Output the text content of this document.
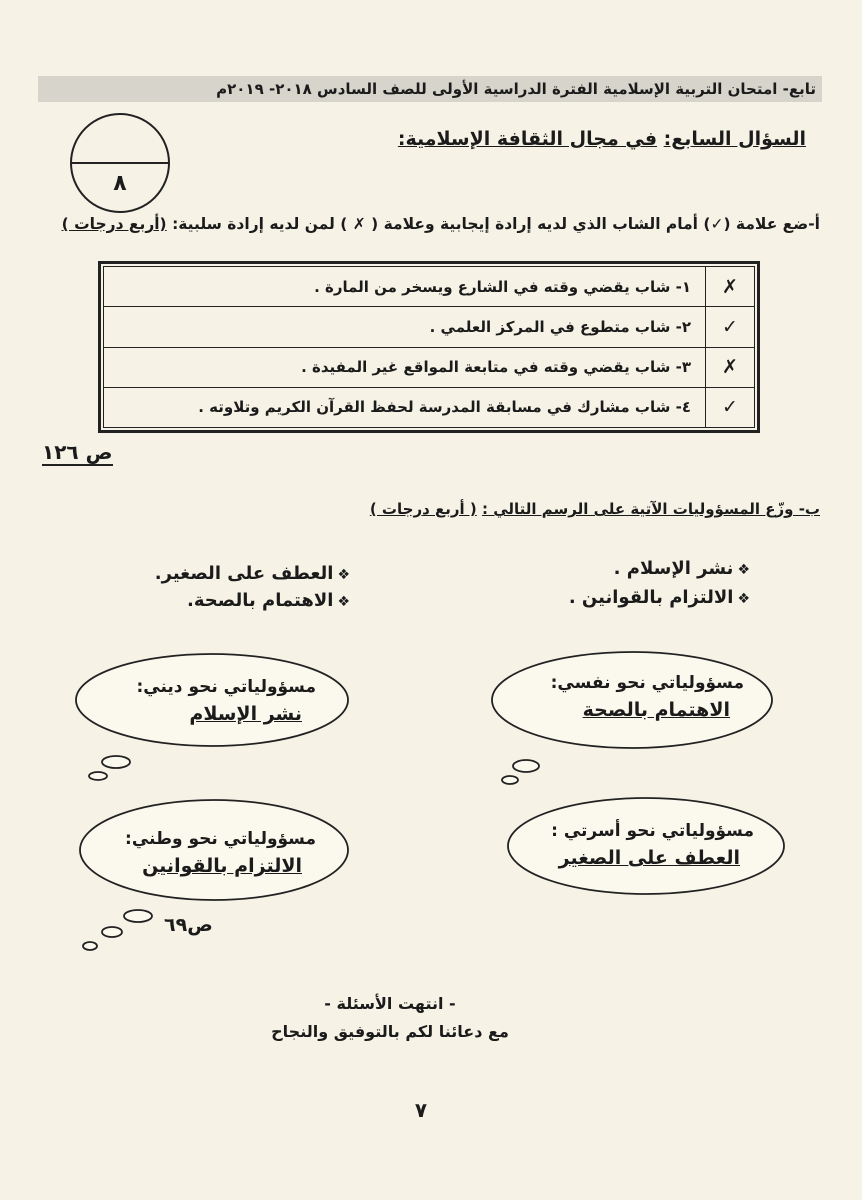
تابع- امتحان التربية الإسلامية الفترة الدراسية الأولى للصف السادس ٢٠١٨- ٢٠١٩م
٨
السؤال السابع: في مجال الثقافة الإسلامية:
أ-ضع علامة (✓) أمام الشاب الذي لديه إرادة إيجابية وعلامة ( ✗ ) لمن لديه إرادة سلبية: (أربع درجات )
١- شاب يقضي وقته في الشارع ويسخر من المارة .	✗
٢- شاب متطوع في المركز العلمي .	✓
٣- شاب يقضي وقته في متابعة المواقع غير المفيدة .	✗
٤- شاب مشارك في مسابقة المدرسة لحفظ القرآن الكريم وتلاوته .	✓
ص ١٢٦
ب- وزّع المسؤوليات الآتية على الرسم التالي : ( أربع درجات )
❖نشر الإسلام .
❖الالتزام بالقوانين .
❖العطف على الصغير.
❖الاهتمام بالصحة.
مسؤولياتي نحو نفسي:
الاهتمام بالصحة
مسؤولياتي نحو ديني:
نشر الإسلام
مسؤولياتي نحو أسرتي :
العطف على الصغير
مسؤولياتي نحو وطني:
الالتزام بالقوانين
ص٦٩
- انتهت الأسئلة -
مع دعائنا لكم بالتوفيق والنجاح
٧
